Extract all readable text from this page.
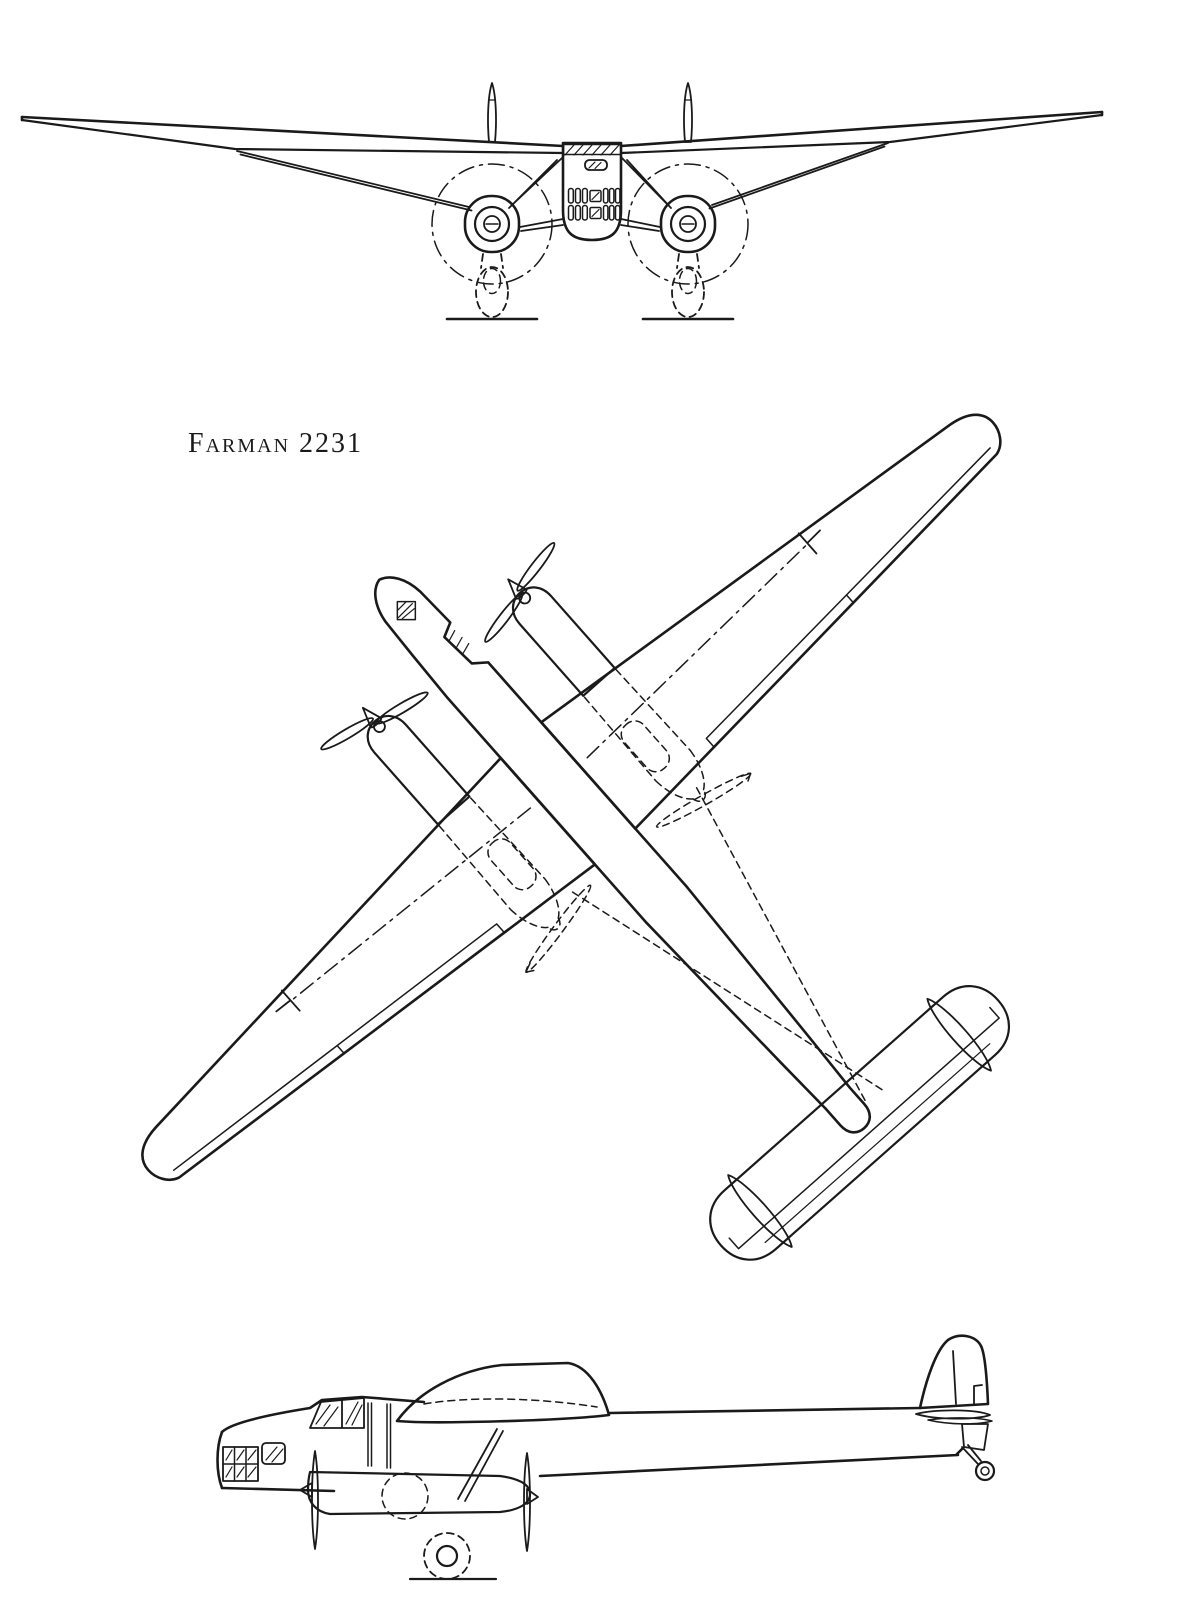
Farman 2231
